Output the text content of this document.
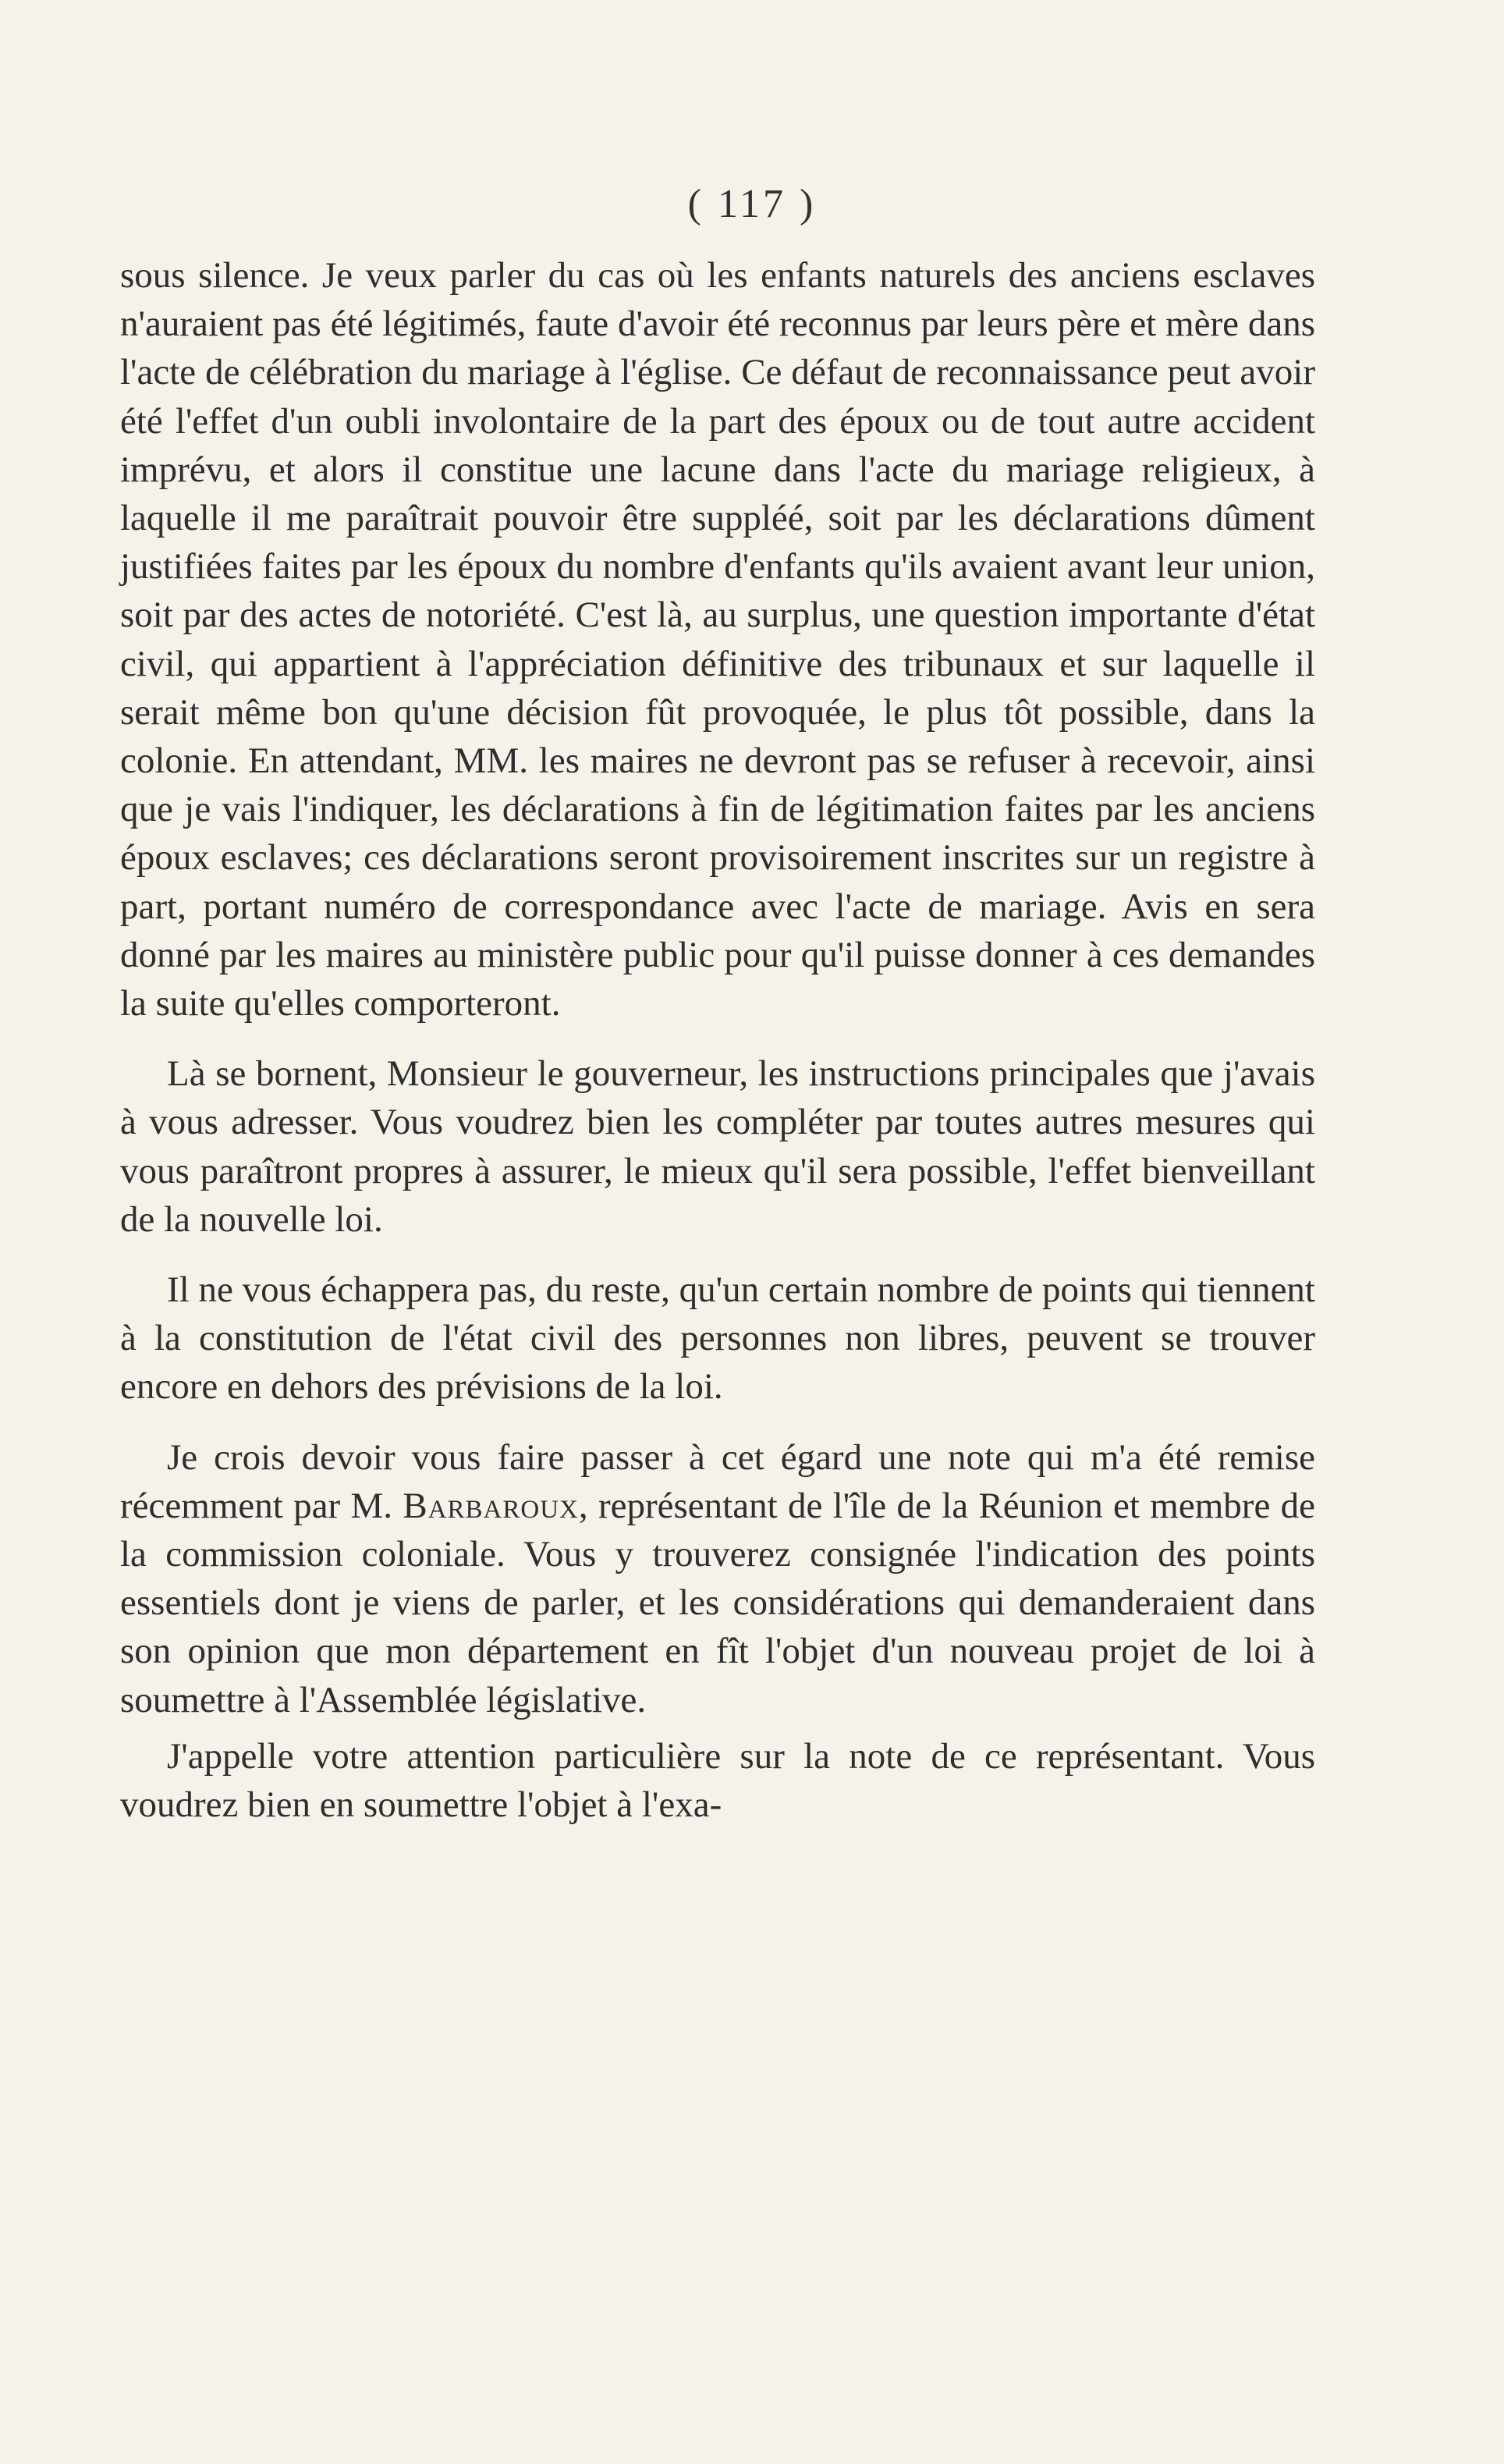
( 117 )

sous silence. Je veux parler du cas où les enfants naturels des anciens esclaves n'auraient pas été légitimés, faute d'avoir été reconnus par leurs père et mère dans l'acte de célébration du mariage à l'église. Ce défaut de reconnaissance peut avoir été l'effet d'un oubli involontaire de la part des époux ou de tout autre accident imprévu, et alors il constitue une lacune dans l'acte du mariage religieux, à laquelle il me paraîtrait pouvoir être suppléé, soit par les déclarations dûment justifiées faites par les époux du nombre d'enfants qu'ils avaient avant leur union, soit par des actes de notoriété. C'est là, au surplus, une question importante d'état civil, qui appartient à l'appréciation définitive des tribunaux et sur laquelle il serait même bon qu'une décision fût provoquée, le plus tôt possible, dans la colonie. En attendant, MM. les maires ne devront pas se refuser à recevoir, ainsi que je vais l'indiquer, les déclarations à fin de légitimation faites par les anciens époux esclaves; ces déclarations seront provisoirement inscrites sur un registre à part, portant numéro de correspondance avec l'acte de mariage. Avis en sera donné par les maires au ministère public pour qu'il puisse donner à ces demandes la suite qu'elles comporteront.

Là se bornent, Monsieur le gouverneur, les instructions principales que j'avais à vous adresser. Vous voudrez bien les compléter par toutes autres mesures qui vous paraîtront propres à assurer, le mieux qu'il sera possible, l'effet bienveillant de la nouvelle loi.

Il ne vous échappera pas, du reste, qu'un certain nombre de points qui tiennent à la constitution de l'état civil des personnes non libres, peuvent se trouver encore en dehors des prévisions de la loi.

Je crois devoir vous faire passer à cet égard une note qui m'a été remise récemment par M. Barbaroux, représentant de l'île de la Réunion et membre de la commission coloniale. Vous y trouverez consignée l'indication des points essentiels dont je viens de parler, et les considérations qui demanderaient dans son opinion que mon département en fît l'objet d'un nouveau projet de loi à soumettre à l'Assemblée législative.

J'appelle votre attention particulière sur la note de ce représentant. Vous voudrez bien en soumettre l'objet à l'exa-
